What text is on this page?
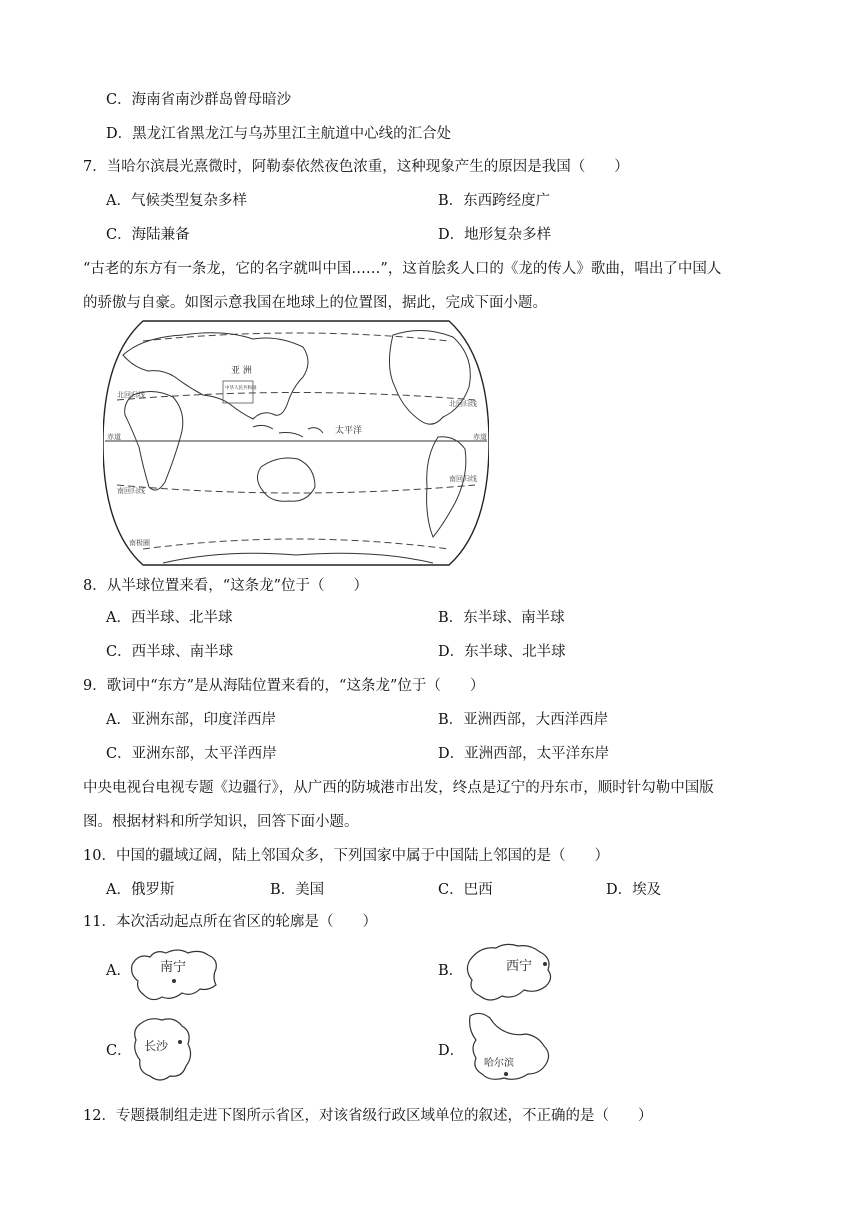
C．海南省南沙群岛曾母暗沙
D．黑龙江省黑龙江与乌苏里江主航道中心线的汇合处
7．当哈尔滨晨光熹微时，阿勒泰依然夜色浓重，这种现象产生的原因是我国（　　）
A．气候类型复杂多样	B．东西跨经度广
C．海陆兼备	D．地形复杂多样
“古老的东方有一条龙，它的名字就叫中国……”，这首脍炙人口的《龙的传人》歌曲，唱出了中国人
的骄傲与自豪。如图示意我国在地球上的位置图，据此，完成下面小题。
亚 洲
中华人民共和国
太平洋
北回归线
北回归线
赤道	赤道
南回归线
南回归线
南极圈
8．从半球位置来看，“这条龙”位于（　　）
A．西半球、北半球	B．东半球、南半球
C．西半球、南半球	D．东半球、北半球
9．歌词中“东方”是从海陆位置来看的，“这条龙”位于（　　）
A．亚洲东部，印度洋西岸	B．亚洲西部，大西洋西岸
C．亚洲东部，太平洋西岸	D．亚洲西部，太平洋东岸
中央电视台电视专题《边疆行》，从广西的防城港市出发，终点是辽宁的丹东市，顺时针勾勒中国版
图。根据材料和所学知识，回答下面小题。
10．中国的疆域辽阔，陆上邻国众多，下列国家中属于中国陆上邻国的是（　　）
A．俄罗斯	B．美国	C．巴西	D．埃及
11．本次活动起点所在省区的轮廓是（　　）
A． 南宁	B．	西宁
C． 长沙	D．
哈尔滨
12．专题摄制组走进下图所示省区，对该省级行政区域单位的叙述，不正确的是（　　）
